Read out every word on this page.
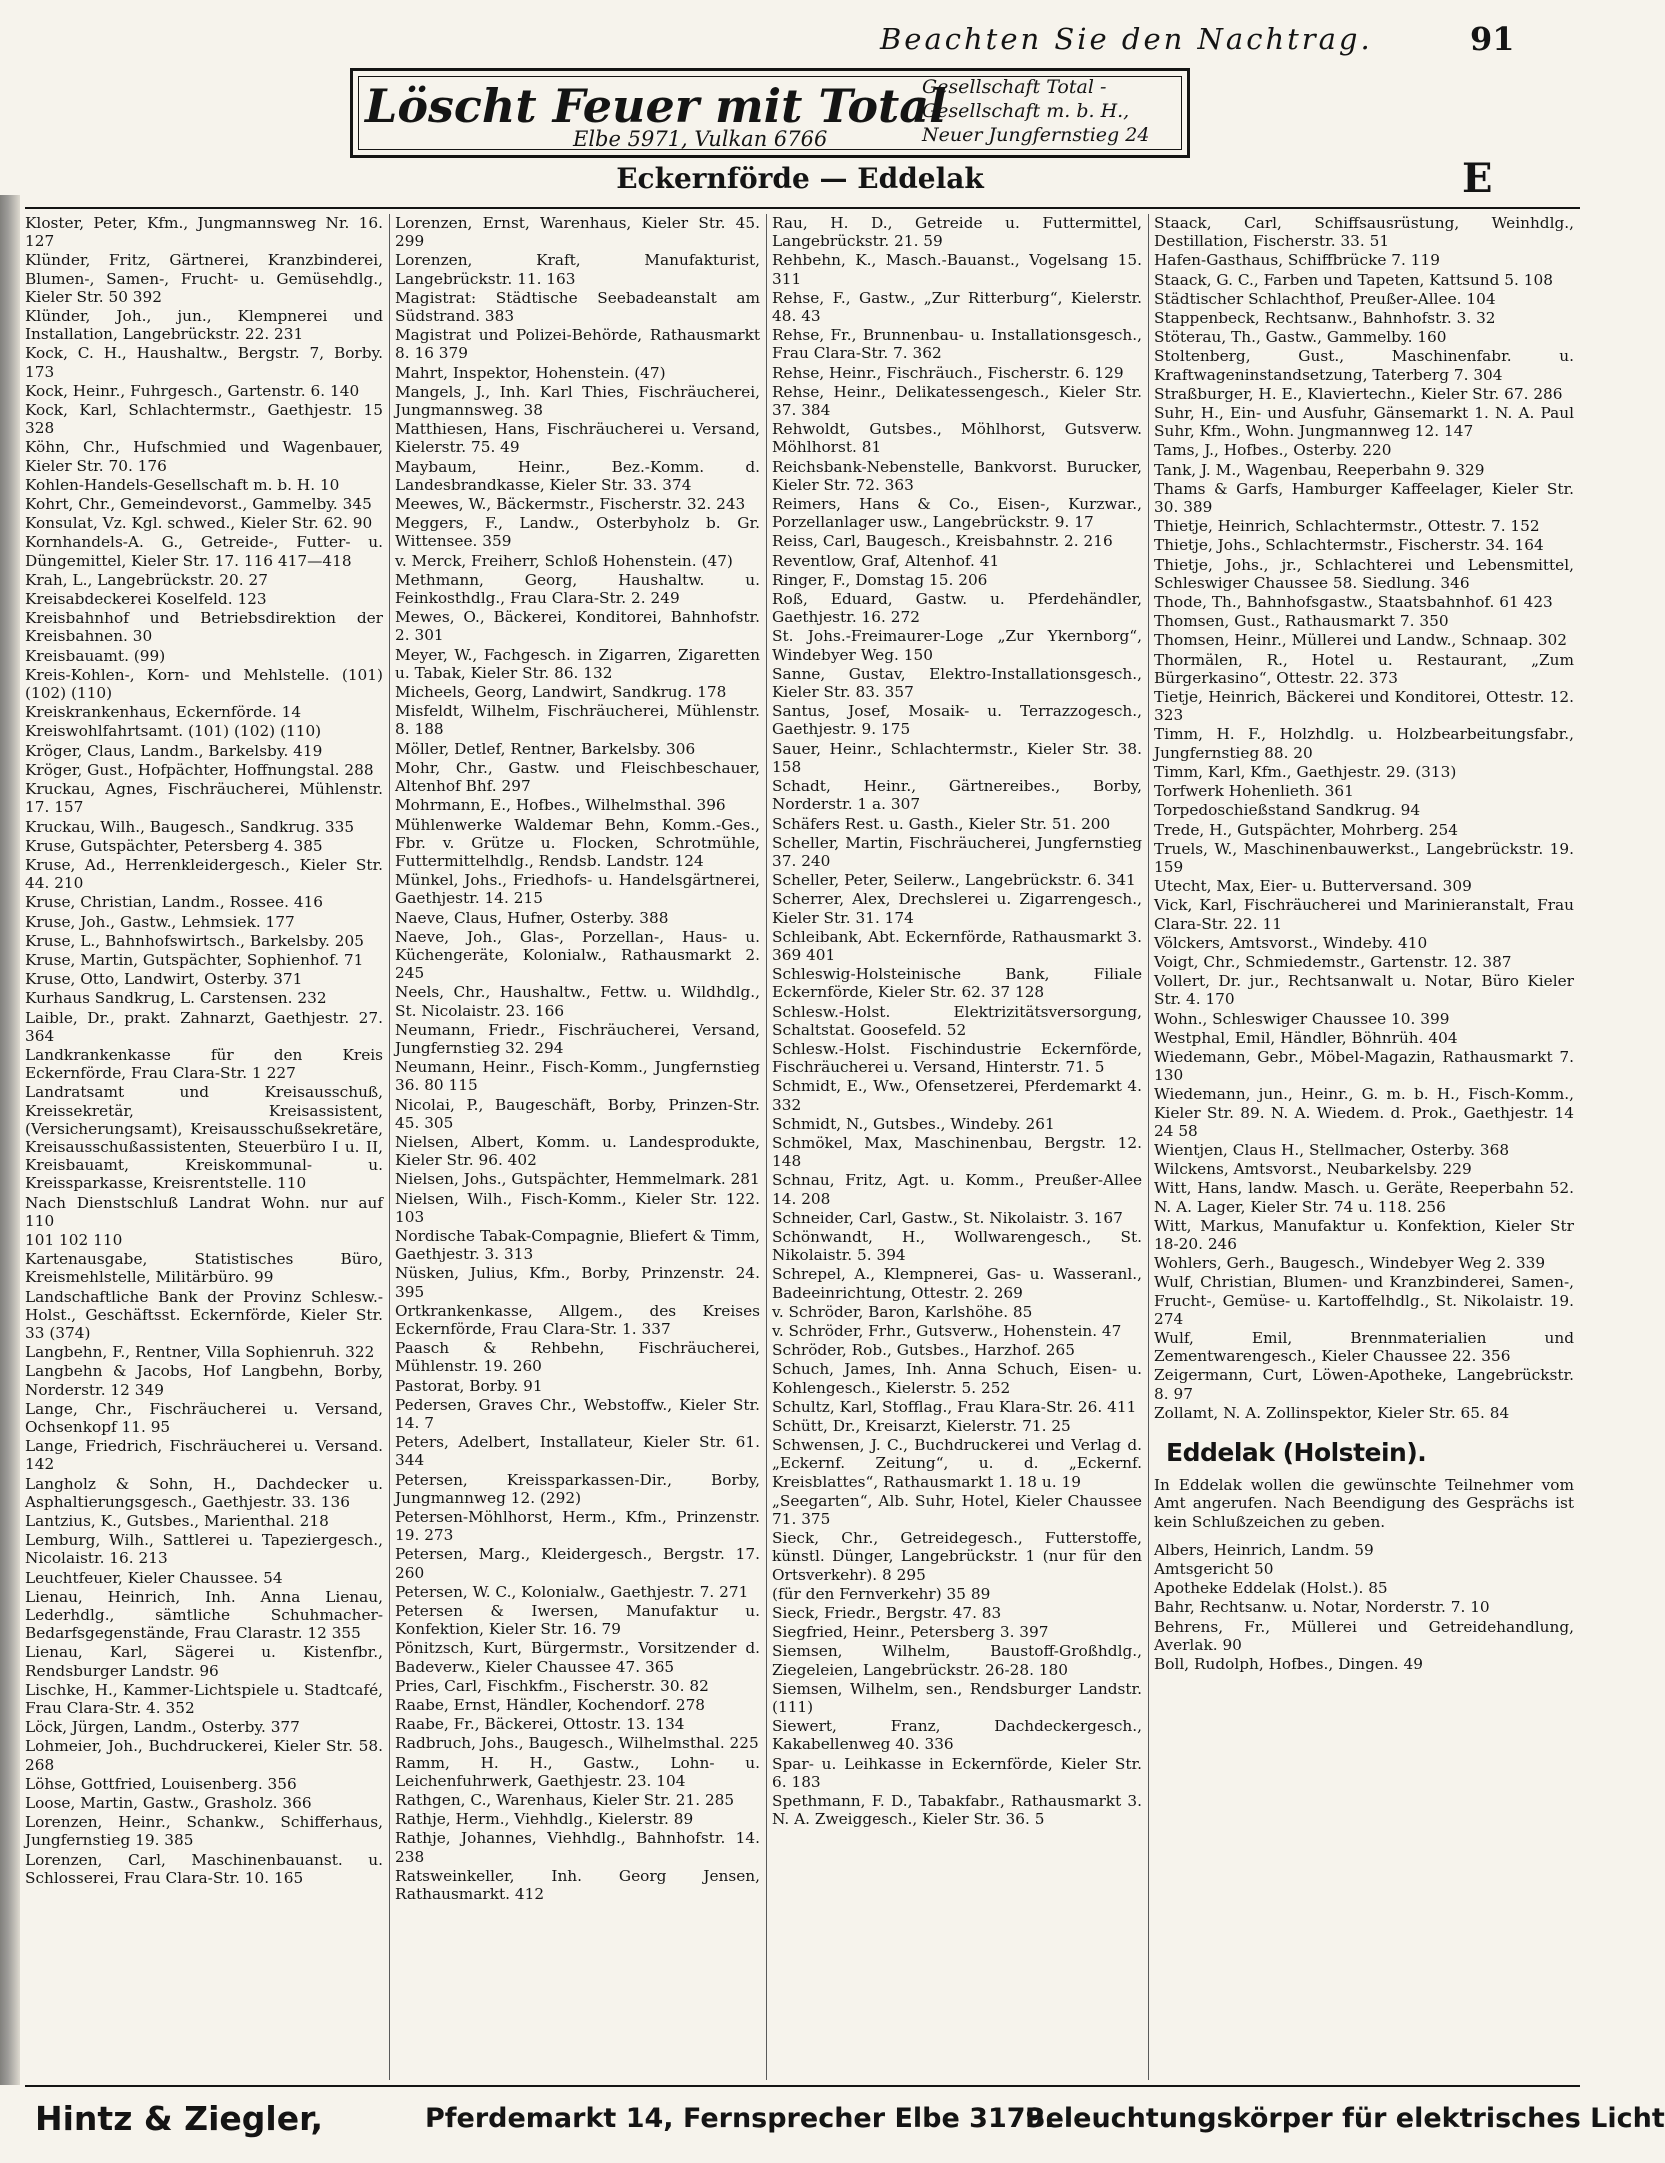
Beachten Sie den Nachtrag.	91
Löscht Feuer mit Total
Elbe 5971, Vulkan 6766
Gesellschaft Total - Gesellschaft m. b. H., Neuer Jungfernstieg 24
Eckernförde — Eddelak	E
Kloster, Peter, Kfm., Jungmannsweg Nr. 16. 127
Klünder, Fritz, Gärtnerei, Kranzbinderei, Blumen-, Samen-, Frucht- u. Gemüsehdlg., Kieler Str. 50 392
Klünder, Joh., jun., Klempnerei und Installation, Langebrückstr. 22. 231
Kock, C. H., Haushaltw., Bergstr. 7, Borby. 173
Kock, Heinr., Fuhrgesch., Gartenstr. 6. 140
Kock, Karl, Schlachtermstr., Gaethjestr. 15 328
Köhn, Chr., Hufschmied und Wagenbauer, Kieler Str. 70. 176
Kohlen-Handels-Gesellschaft m. b. H. 10
Kohrt, Chr., Gemeindevorst., Gammelby. 345
Konsulat, Vz. Kgl. schwed., Kieler Str. 62. 90
Kornhandels-A. G., Getreide-, Futter- u. Düngemittel, Kieler Str. 17. 116 417—418
Krah, L., Langebrückstr. 20. 27
Kreisabdeckerei Koselfeld. 123
Kreisbahnhof und Betriebsdirektion der Kreisbahnen. 30
Kreisbauamt. (99)
Kreis-Kohlen-, Korn- und Mehlstelle. (101) (102) (110)
Kreiskrankenhaus, Eckernförde. 14
Kreiswohlfahrtsamt. (101) (102) (110)
Kröger, Claus, Landm., Barkelsby. 419
Kröger, Gust., Hofpächter, Hoffnungstal. 288
Kruckau, Agnes, Fischräucherei, Mühlenstr. 17. 157
Kruckau, Wilh., Baugesch., Sandkrug. 335
Kruse, Gutspächter, Petersberg 4. 385
Kruse, Ad., Herrenkleidergesch., Kieler Str. 44. 210
Kruse, Christian, Landm., Rossee. 416
Kruse, Joh., Gastw., Lehmsiek. 177
Kruse, L., Bahnhofswirtsch., Barkelsby. 205
Kruse, Martin, Gutspächter, Sophienhof. 71
Kruse, Otto, Landwirt, Osterby. 371
Kurhaus Sandkrug, L. Carstensen. 232
Laible, Dr., prakt. Zahnarzt, Gaethjestr. 27. 364
Landkrankenkasse für den Kreis Eckernförde, Frau Clara-Str. 1 227
Landratsamt und Kreisausschuß, Kreissekretär, Kreisassistent, (Versicherungsamt), Kreisausschußsekretäre, Kreisausschußassistenten, Steuerbüro I u. II, Kreisbauamt, Kreiskommunal- u. Kreissparkasse, Kreisrentstelle. 110
Nach Dienstschluß Landrat Wohn. nur auf 110
101 102 110
Kartenausgabe, Statistisches Büro, Kreismehlstelle, Militärbüro. 99
Landschaftliche Bank der Provinz Schlesw.-Holst., Geschäftsst. Eckernförde, Kieler Str. 33 (374)
Langbehn, F., Rentner, Villa Sophienruh. 322
Langbehn & Jacobs, Hof Langbehn, Borby, Norderstr. 12 349
Lange, Chr., Fischräucherei u. Versand, Ochsenkopf 11. 95
Lange, Friedrich, Fischräucherei u. Versand. 142
Langholz & Sohn, H., Dachdecker u. Asphaltierungsgesch., Gaethjestr. 33. 136
Lantzius, K., Gutsbes., Marienthal. 218
Lemburg, Wilh., Sattlerei u. Tapeziergesch., Nicolaistr. 16. 213
Leuchtfeuer, Kieler Chaussee. 54
Lienau, Heinrich, Inh. Anna Lienau, Lederhdlg., sämtliche Schuhmacher-Bedarfsgegenstände, Frau Clarastr. 12 355
Lienau, Karl, Sägerei u. Kistenfbr., Rendsburger Landstr. 96
Lischke, H., Kammer-Lichtspiele u. Stadtcafé, Frau Clara-Str. 4. 352
Löck, Jürgen, Landm., Osterby. 377
Lohmeier, Joh., Buchdruckerei, Kieler Str. 58. 268
Löhse, Gottfried, Louisenberg. 356
Loose, Martin, Gastw., Grasholz. 366
Lorenzen, Heinr., Schankw., Schifferhaus, Jungfernstieg 19. 385
Lorenzen, Carl, Maschinenbauanst. u. Schlosserei, Frau Clara-Str. 10. 165
Lorenzen, Ernst, Warenhaus, Kieler Str. 45. 299
Lorenzen, Kraft, Manufakturist, Langebrückstr. 11. 163
Magistrat: Städtische Seebadeanstalt am Südstrand. 383
Magistrat und Polizei-Behörde, Rathausmarkt 8. 16 379
Mahrt, Inspektor, Hohenstein. (47)
Mangels, J., Inh. Karl Thies, Fischräucherei, Jungmannsweg. 38
Matthiesen, Hans, Fischräucherei u. Versand, Kielerstr. 75. 49
Maybaum, Heinr., Bez.-Komm. d. Landesbrandkasse, Kieler Str. 33. 374
Meewes, W., Bäckermstr., Fischerstr. 32. 243
Meggers, F., Landw., Osterbyholz b. Gr. Wittensee. 359
v. Merck, Freiherr, Schloß Hohenstein. (47)
Methmann, Georg, Haushaltw. u. Feinkosthdlg., Frau Clara-Str. 2. 249
Mewes, O., Bäckerei, Konditorei, Bahnhofstr. 2. 301
Meyer, W., Fachgesch. in Zigarren, Zigaretten u. Tabak, Kieler Str. 86. 132
Micheels, Georg, Landwirt, Sandkrug. 178
Misfeldt, Wilhelm, Fischräucherei, Mühlenstr. 8. 188
Möller, Detlef, Rentner, Barkelsby. 306
Mohr, Chr., Gastw. und Fleischbeschauer, Altenhof Bhf. 297
Mohrmann, E., Hofbes., Wilhelmsthal. 396
Mühlenwerke Waldemar Behn, Komm.-Ges., Fbr. v. Grütze u. Flocken, Schrotmühle, Futtermittelhdlg., Rendsb. Landstr. 124
Münkel, Johs., Friedhofs- u. Handelsgärtnerei, Gaethjestr. 14. 215
Naeve, Claus, Hufner, Osterby. 388
Naeve, Joh., Glas-, Porzellan-, Haus- u. Küchengeräte, Kolonialw., Rathausmarkt 2. 245
Neels, Chr., Haushaltw., Fettw. u. Wildhdlg., St. Nicolaistr. 23. 166
Neumann, Friedr., Fischräucherei, Versand, Jungfernstieg 32. 294
Neumann, Heinr., Fisch-Komm., Jungfernstieg 36. 80 115
Nicolai, P., Baugeschäft, Borby, Prinzen-Str. 45. 305
Nielsen, Albert, Komm. u. Landesprodukte, Kieler Str. 96. 402
Nielsen, Johs., Gutspächter, Hemmelmark. 281
Nielsen, Wilh., Fisch-Komm., Kieler Str. 122. 103
Nordische Tabak-Compagnie, Bliefert & Timm, Gaethjestr. 3. 313
Nüsken, Julius, Kfm., Borby, Prinzenstr. 24. 395
Ortkrankenkasse, Allgem., des Kreises Eckernförde, Frau Clara-Str. 1. 337
Paasch & Rehbehn, Fischräucherei, Mühlenstr. 19. 260
Pastorat, Borby. 91
Pedersen, Graves Chr., Webstoffw., Kieler Str. 14. 7
Peters, Adelbert, Installateur, Kieler Str. 61. 344
Petersen, Kreissparkassen-Dir., Borby, Jungmannweg 12. (292)
Petersen-Möhlhorst, Herm., Kfm., Prinzenstr. 19. 273
Petersen, Marg., Kleidergesch., Bergstr. 17. 260
Petersen, W. C., Kolonialw., Gaethjestr. 7. 271
Petersen & Iwersen, Manufaktur u. Konfektion, Kieler Str. 16. 79
Pönitzsch, Kurt, Bürgermstr., Vorsitzender d. Badeverw., Kieler Chaussee 47. 365
Pries, Carl, Fischkfm., Fischerstr. 30. 82
Raabe, Ernst, Händler, Kochendorf. 278
Raabe, Fr., Bäckerei, Ottostr. 13. 134
Radbruch, Johs., Baugesch., Wilhelmsthal. 225
Ramm, H. H., Gastw., Lohn- u. Leichenfuhrwerk, Gaethjestr. 23. 104
Rathgen, C., Warenhaus, Kieler Str. 21. 285
Rathje, Herm., Viehhdlg., Kielerstr. 89
Rathje, Johannes, Viehhdlg., Bahnhofstr. 14. 238
Ratsweinkeller, Inh. Georg Jensen, Rathausmarkt. 412
Rau, H. D., Getreide u. Futtermittel, Langebrückstr. 21. 59
Rehbehn, K., Masch.-Bauanst., Vogelsang 15. 311
Rehse, F., Gastw., „Zur Ritterburg“, Kielerstr. 48. 43
Rehse, Fr., Brunnenbau- u. Installationsgesch., Frau Clara-Str. 7. 362
Rehse, Heinr., Fischräuch., Fischerstr. 6. 129
Rehse, Heinr., Delikatessengesch., Kieler Str. 37. 384
Rehwoldt, Gutsbes., Möhlhorst, Gutsverw. Möhlhorst. 81
Reichsbank-Nebenstelle, Bankvorst. Burucker, Kieler Str. 72. 363
Reimers, Hans & Co., Eisen-, Kurzwar., Porzellanlager usw., Langebrückstr. 9. 17
Reiss, Carl, Baugesch., Kreisbahnstr. 2. 216
Reventlow, Graf, Altenhof. 41
Ringer, F., Domstag 15. 206
Roß, Eduard, Gastw. u. Pferdehändler, Gaethjestr. 16. 272
St. Johs.-Freimaurer-Loge „Zur Ykernborg“, Windebyer Weg. 150
Sanne, Gustav, Elektro-Installationsgesch., Kieler Str. 83. 357
Santus, Josef, Mosaik- u. Terrazzogesch., Gaethjestr. 9. 175
Sauer, Heinr., Schlachtermstr., Kieler Str. 38. 158
Schadt, Heinr., Gärtnereibes., Borby, Norderstr. 1 a. 307
Schäfers Rest. u. Gasth., Kieler Str. 51. 200
Scheller, Martin, Fischräucherei, Jungfernstieg 37. 240
Scheller, Peter, Seilerw., Langebrückstr. 6. 341
Scherrer, Alex, Drechslerei u. Zigarrengesch., Kieler Str. 31. 174
Schleibank, Abt. Eckernförde, Rathausmarkt 3. 369 401
Schleswig-Holsteinische Bank, Filiale Eckernförde, Kieler Str. 62. 37 128
Schlesw.-Holst. Elektrizitätsversorgung, Schaltstat. Goosefeld. 52
Schlesw.-Holst. Fischindustrie Eckernförde, Fischräucherei u. Versand, Hinterstr. 71. 5
Schmidt, E., Ww., Ofensetzerei, Pferdemarkt 4. 332
Schmidt, N., Gutsbes., Windeby. 261
Schmökel, Max, Maschinenbau, Bergstr. 12. 148
Schnau, Fritz, Agt. u. Komm., Preußer-Allee 14. 208
Schneider, Carl, Gastw., St. Nikolaistr. 3. 167
Schönwandt, H., Wollwarengesch., St. Nikolaistr. 5. 394
Schrepel, A., Klempnerei, Gas- u. Wasseranl., Badeeinrichtung, Ottestr. 2. 269
v. Schröder, Baron, Karlshöhe. 85
v. Schröder, Frhr., Gutsverw., Hohenstein. 47
Schröder, Rob., Gutsbes., Harzhof. 265
Schuch, James, Inh. Anna Schuch, Eisen- u. Kohlengesch., Kielerstr. 5. 252
Schultz, Karl, Stofflag., Frau Klara-Str. 26. 411
Schütt, Dr., Kreisarzt, Kielerstr. 71. 25
Schwensen, J. C., Buchdruckerei und Verlag d. „Eckernf. Zeitung“, u. d. „Eckernf. Kreisblattes“, Rathausmarkt 1. 18 u. 19
„Seegarten“, Alb. Suhr, Hotel, Kieler Chaussee 71. 375
Sieck, Chr., Getreidegesch., Futterstoffe, künstl. Dünger, Langebrückstr. 1 (nur für den Ortsverkehr). 8 295
(für den Fernverkehr) 35 89
Sieck, Friedr., Bergstr. 47. 83
Siegfried, Heinr., Petersberg 3. 397
Siemsen, Wilhelm, Baustoff-Großhdlg., Ziegeleien, Langebrückstr. 26-28. 180
Siemsen, Wilhelm, sen., Rendsburger Landstr. (111)
Siewert, Franz, Dachdeckergesch., Kakabellenweg 40. 336
Spar- u. Leihkasse in Eckernförde, Kieler Str. 6. 183
Spethmann, F. D., Tabakfabr., Rathausmarkt 3. N. A. Zweiggesch., Kieler Str. 36. 5
Staack, Carl, Schiffsausrüstung, Weinhdlg., Destillation, Fischerstr. 33. 51
Hafen-Gasthaus, Schiffbrücke 7. 119
Staack, G. C., Farben und Tapeten, Kattsund 5. 108
Städtischer Schlachthof, Preußer-Allee. 104
Stappenbeck, Rechtsanw., Bahnhofstr. 3. 32
Stöterau, Th., Gastw., Gammelby. 160
Stoltenberg, Gust., Maschinenfabr. u. Kraftwageninstandsetzung, Taterberg 7. 304
Straßburger, H. E., Klaviertechn., Kieler Str. 67. 286
Suhr, H., Ein- und Ausfuhr, Gänsemarkt 1. N. A. Paul Suhr, Kfm., Wohn. Jungmannweg 12. 147
Tams, J., Hofbes., Osterby. 220
Tank, J. M., Wagenbau, Reeperbahn 9. 329
Thams & Garfs, Hamburger Kaffeelager, Kieler Str. 30. 389
Thietje, Heinrich, Schlachtermstr., Ottestr. 7. 152
Thietje, Johs., Schlachtermstr., Fischerstr. 34. 164
Thietje, Johs., jr., Schlachterei und Lebensmittel, Schleswiger Chaussee 58. Siedlung. 346
Thode, Th., Bahnhofsgastw., Staatsbahnhof. 61 423
Thomsen, Gust., Rathausmarkt 7. 350
Thomsen, Heinr., Müllerei und Landw., Schnaap. 302
Thormälen, R., Hotel u. Restaurant, „Zum Bürgerkasino“, Ottestr. 22. 373
Tietje, Heinrich, Bäckerei und Konditorei, Ottestr. 12. 323
Timm, H. F., Holzhdlg. u. Holzbearbeitungsfabr., Jungfernstieg 88. 20
Timm, Karl, Kfm., Gaethjestr. 29. (313)
Torfwerk Hohenlieth. 361
Torpedoschießstand Sandkrug. 94
Trede, H., Gutspächter, Mohrberg. 254
Truels, W., Maschinenbauwerkst., Langebrückstr. 19. 159
Utecht, Max, Eier- u. Butterversand. 309
Vick, Karl, Fischräucherei und Marinieranstalt, Frau Clara-Str. 22. 11
Völckers, Amtsvorst., Windeby. 410
Voigt, Chr., Schmiedemstr., Gartenstr. 12. 387
Vollert, Dr. jur., Rechtsanwalt u. Notar, Büro Kieler Str. 4. 170
Wohn., Schleswiger Chaussee 10. 399
Westphal, Emil, Händler, Böhnrüh. 404
Wiedemann, Gebr., Möbel-Magazin, Rathausmarkt 7. 130
Wiedemann, jun., Heinr., G. m. b. H., Fisch-Komm., Kieler Str. 89. N. A. Wiedem. d. Prok., Gaethjestr. 14 24 58
Wientjen, Claus H., Stellmacher, Osterby. 368
Wilckens, Amtsvorst., Neubarkelsby. 229
Witt, Hans, landw. Masch. u. Geräte, Reeperbahn 52. N. A. Lager, Kieler Str. 74 u. 118. 256
Witt, Markus, Manufaktur u. Konfektion, Kieler Str 18-20. 246
Wohlers, Gerh., Baugesch., Windebyer Weg 2. 339
Wulf, Christian, Blumen- und Kranzbinderei, Samen-, Frucht-, Gemüse- u. Kartoffelhdlg., St. Nikolaistr. 19. 274
Wulf, Emil, Brennmaterialien und Zementwarengesch., Kieler Chaussee 22. 356
Zeigermann, Curt, Löwen-Apotheke, Langebrückstr. 8. 97
Zollamt, N. A. Zollinspektor, Kieler Str. 65. 84
Eddelak (Holstein).
In Eddelak wollen die gewünschte Teilnehmer vom Amt angerufen. Nach Beendigung des Gesprächs ist kein Schlußzeichen zu geben.
Albers, Heinrich, Landm. 59
Amtsgericht 50
Apotheke Eddelak (Holst.). 85
Bahr, Rechtsanw. u. Notar, Norderstr. 7. 10
Behrens, Fr., Müllerei und Getreidehandlung, Averlak. 90
Boll, Rudolph, Hofbes., Dingen. 49
Hintz & Ziegler,	Pferdemarkt 14, Fernsprecher Elbe 3179.
Beleuchtungskörper für elektrisches Licht
